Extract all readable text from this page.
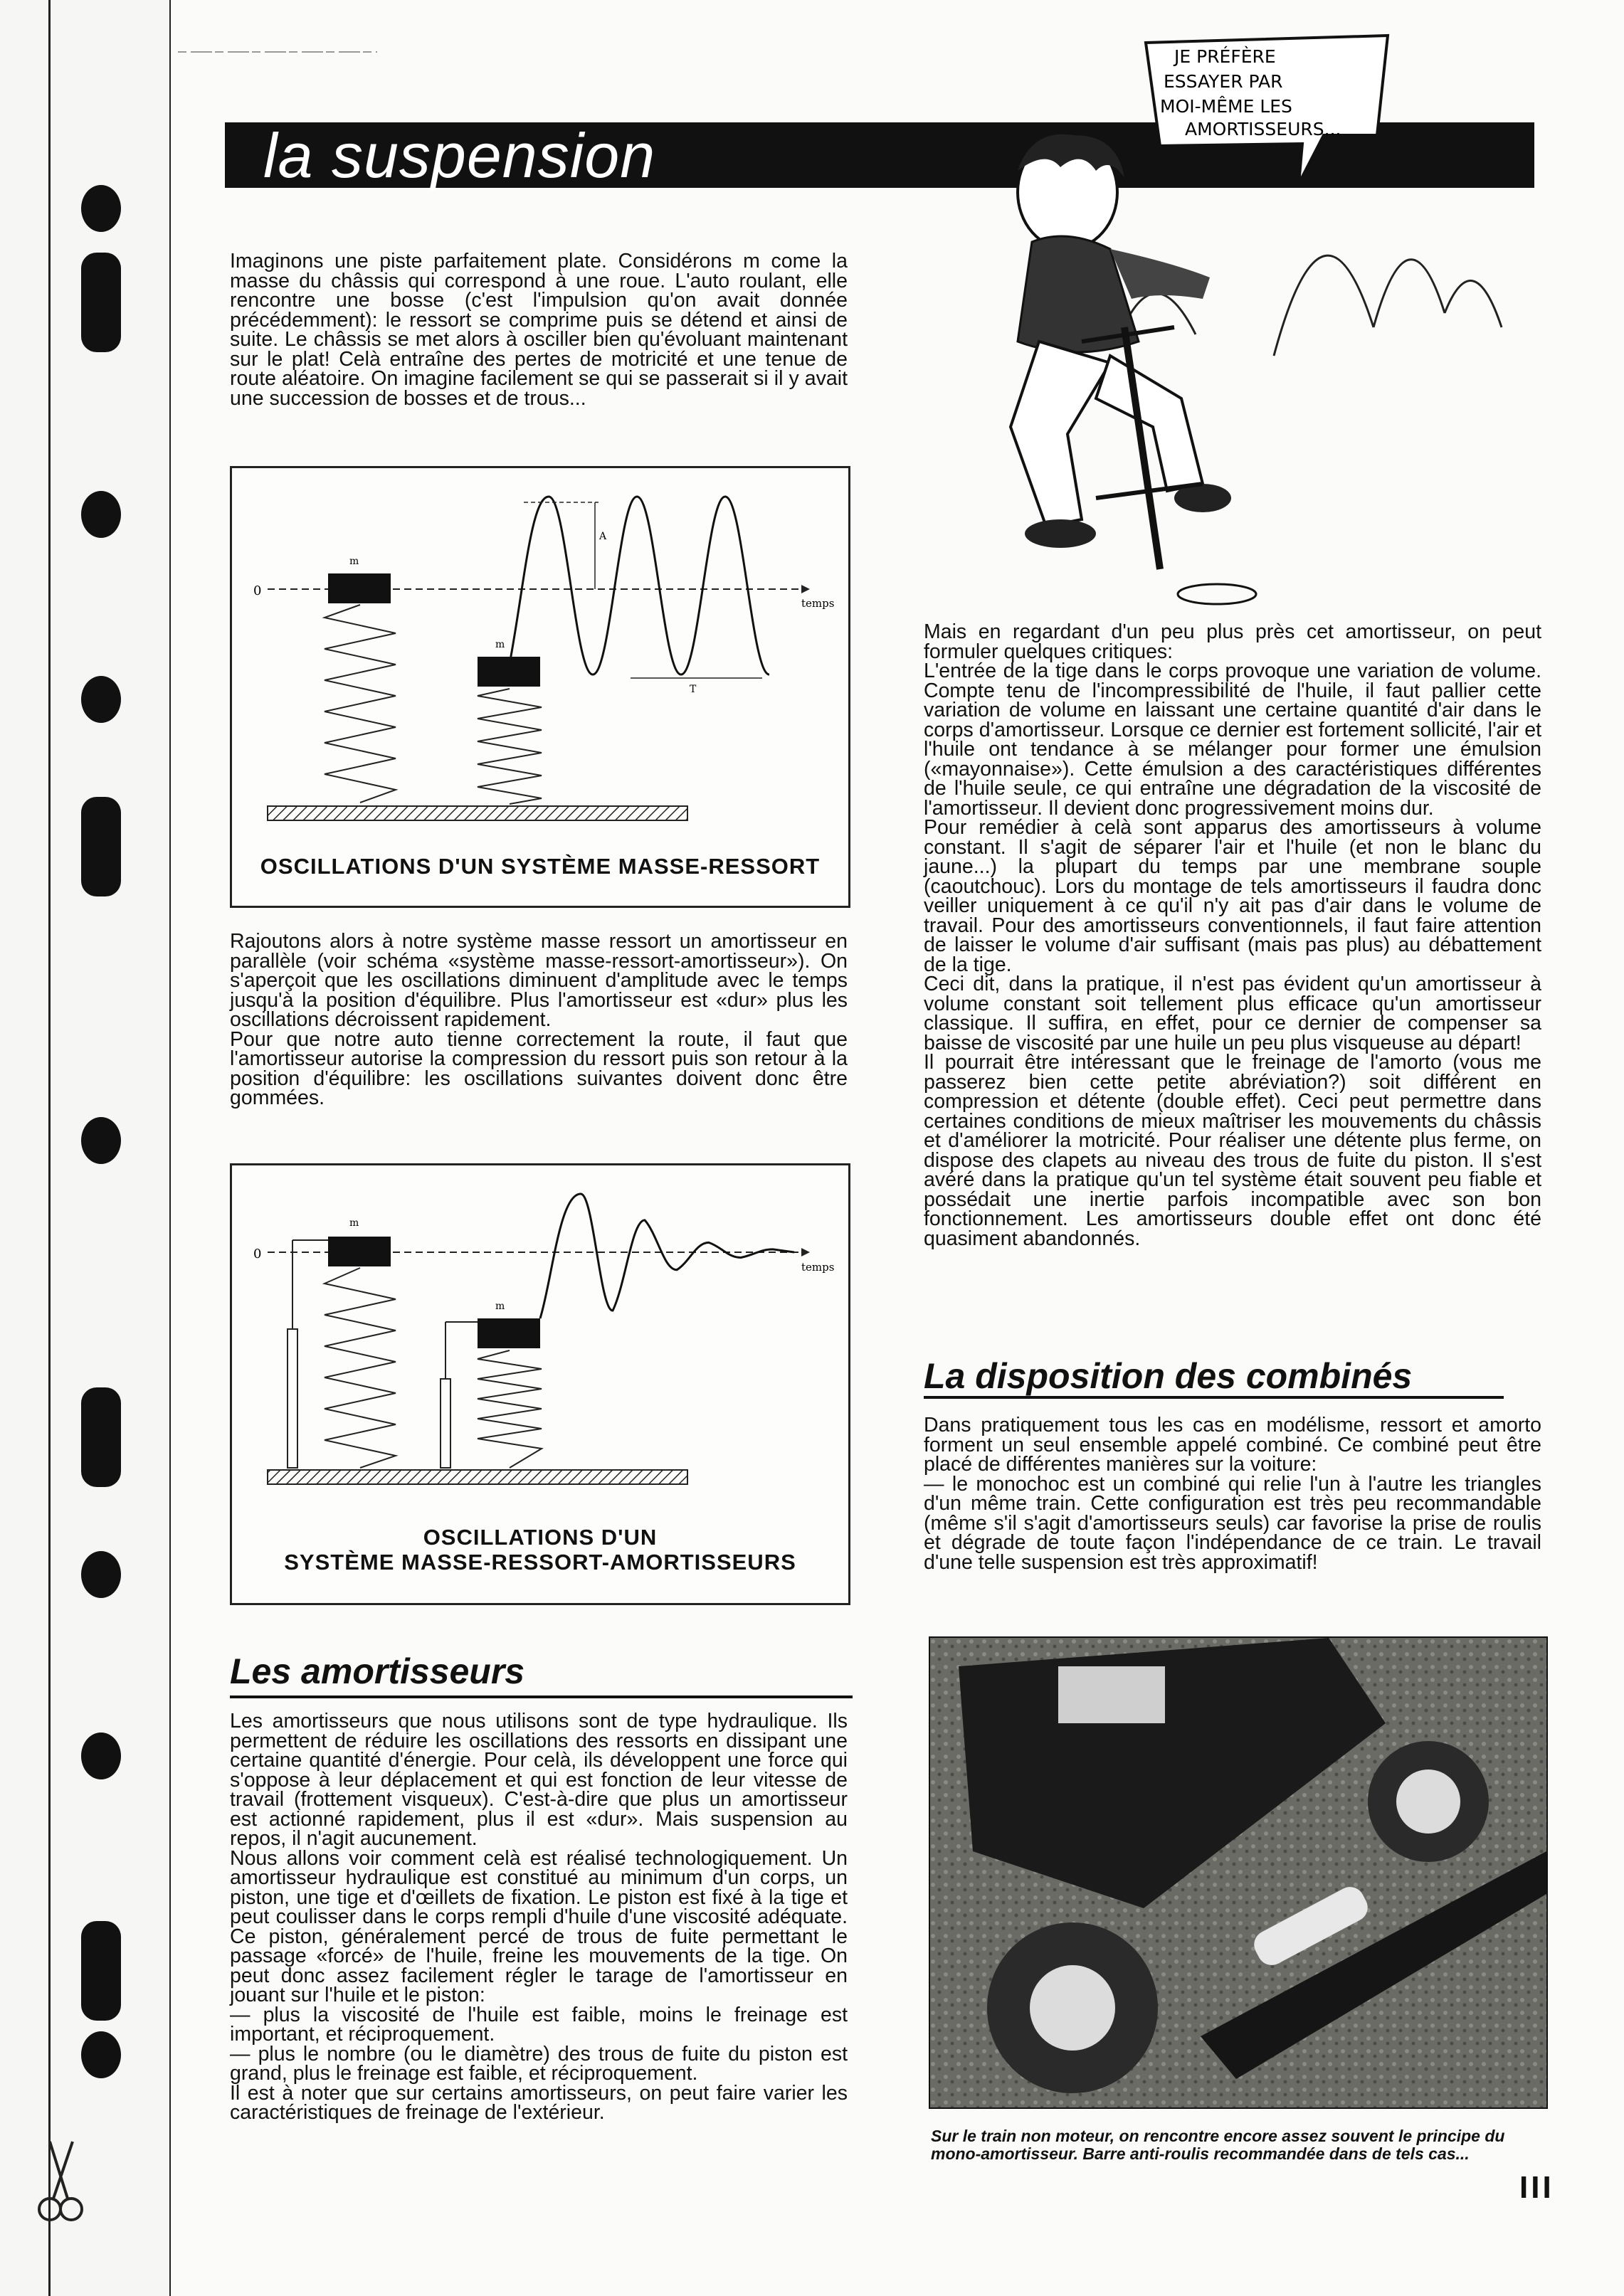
la suspension
JE PRÉFÈRE
ESSAYER PAR
MOI-MÊME LES
AMORTISSEURS...
Imaginons une piste parfaitement plate. Considérons m come la masse du châssis qui correspond à une roue. L'auto roulant, elle rencontre une bosse (c'est l'impulsion qu'on avait donnée précédemment): le ressort se comprime puis se détend et ainsi de suite. Le châssis se met alors à osciller bien qu'évoluant maintenant sur le plat! Celà entraîne des pertes de motricité et une tenue de route aléatoire. On imagine facilement se qui se passerait si il y avait une succession de bosses et de trous...
0
temps
m
m
A
T
OSCILLATIONS D'UN SYSTÈME MASSE-RESSORT

Rajoutons alors à notre système masse ressort un amortisseur en parallèle (voir schéma «système masse-ressort-amortisseur»). On s'aperçoit que les oscillations diminuent d'amplitude avec le temps jusqu'à la position d'équilibre. Plus l'amortisseur est «dur» plus les oscillations décroissent rapidement.

Pour que notre auto tienne correctement la route, il faut que l'amortisseur autorise la compression du ressort puis son retour à la position d'équilibre: les oscillations suivantes doivent donc être gommées.

0
temps
m
m
OSCILLATIONS D'UN
SYSTÈME MASSE-RESSORT-AMORTISSEURS
Les amortisseurs

Les amortisseurs que nous utilisons sont de type hydraulique. Ils permettent de réduire les oscillations des ressorts en dissipant une certaine quantité d'énergie. Pour celà, ils développent une force qui s'oppose à leur déplacement et qui est fonction de leur vitesse de travail (frottement visqueux). C'est-à-dire que plus un amortisseur est actionné rapidement, plus il est «dur». Mais suspension au repos, il n'agit aucunement.

Nous allons voir comment celà est réalisé technologiquement. Un amortisseur hydraulique est constitué au minimum d'un corps, un piston, une tige et d'œillets de fixation. Le piston est fixé à la tige et peut coulisser dans le corps rempli d'huile d'une viscosité adéquate. Ce piston, généralement percé de trous de fuite permettant le passage «forcé» de l'huile, freine les mouvements de la tige. On peut donc assez facilement régler le tarage de l'amortisseur en jouant sur l'huile et le piston:

— plus la viscosité de l'huile est faible, moins le freinage est important, et réciproquement.

— plus le nombre (ou le diamètre) des trous de fuite du piston est grand, plus le freinage est faible, et réciproquement.

Il est à noter que sur certains amortisseurs, on peut faire varier les caractéristiques de freinage de l'extérieur.

Mais en regardant d'un peu plus près cet amortisseur, on peut formuler quelques critiques:

L'entrée de la tige dans le corps provoque une variation de volume. Compte tenu de l'incompressibilité de l'huile, il faut pallier cette variation de volume en laissant une certaine quantité d'air dans le corps d'amortisseur. Lorsque ce dernier est fortement sollicité, l'air et l'huile ont tendance à se mélanger pour former une émulsion («mayonnaise»). Cette émulsion a des caractéristiques différentes de l'huile seule, ce qui entraîne une dégradation de la viscosité de l'amortisseur. Il devient donc progressivement moins dur.

Pour remédier à celà sont apparus des amortisseurs à volume constant. Il s'agit de séparer l'air et l'huile (et non le blanc du jaune...) la plupart du temps par une membrane souple (caoutchouc). Lors du montage de tels amortisseurs il faudra donc veiller uniquement à ce qu'il n'y ait pas d'air dans le volume de travail. Pour des amortisseurs conventionnels, il faut faire attention de laisser le volume d'air suffisant (mais pas plus) au débattement de la tige.

Ceci dit, dans la pratique, il n'est pas évident qu'un amortisseur à volume constant soit tellement plus efficace qu'un amortisseur classique. Il suffira, en effet, pour ce dernier de compenser sa baisse de viscosité par une huile un peu plus visqueuse au départ!

Il pourrait être intéressant que le freinage de l'amorto (vous me passerez bien cette petite abréviation?) soit différent en compression et détente (double effet). Ceci peut permettre dans certaines conditions de mieux maîtriser les mouvements du châssis et d'améliorer la motricité. Pour réaliser une détente plus ferme, on dispose des clapets au niveau des trous de fuite du piston. Il s'est avéré dans la pratique qu'un tel système était souvent peu fiable et possédait une inertie parfois incompatible avec son bon fonctionnement. Les amortisseurs double effet ont donc été quasiment abandonnés.

La disposition des combinés

Dans pratiquement tous les cas en modélisme, ressort et amorto forment un seul ensemble appelé combiné. Ce combiné peut être placé de différentes manières sur la voiture:

— le monochoc est un combiné qui relie l'un à l'autre les triangles d'un même train. Cette configuration est très peu recommandable (même s'il s'agit d'amortisseurs seuls) car favorise la prise de roulis et dégrade de toute façon l'indépendance de ce train. Le travail d'une telle suspension est très approximatif!

Sur le train non moteur, on rencontre encore assez souvent le principe du mono-amortisseur. Barre anti-roulis recommandée dans de tels cas...

III
